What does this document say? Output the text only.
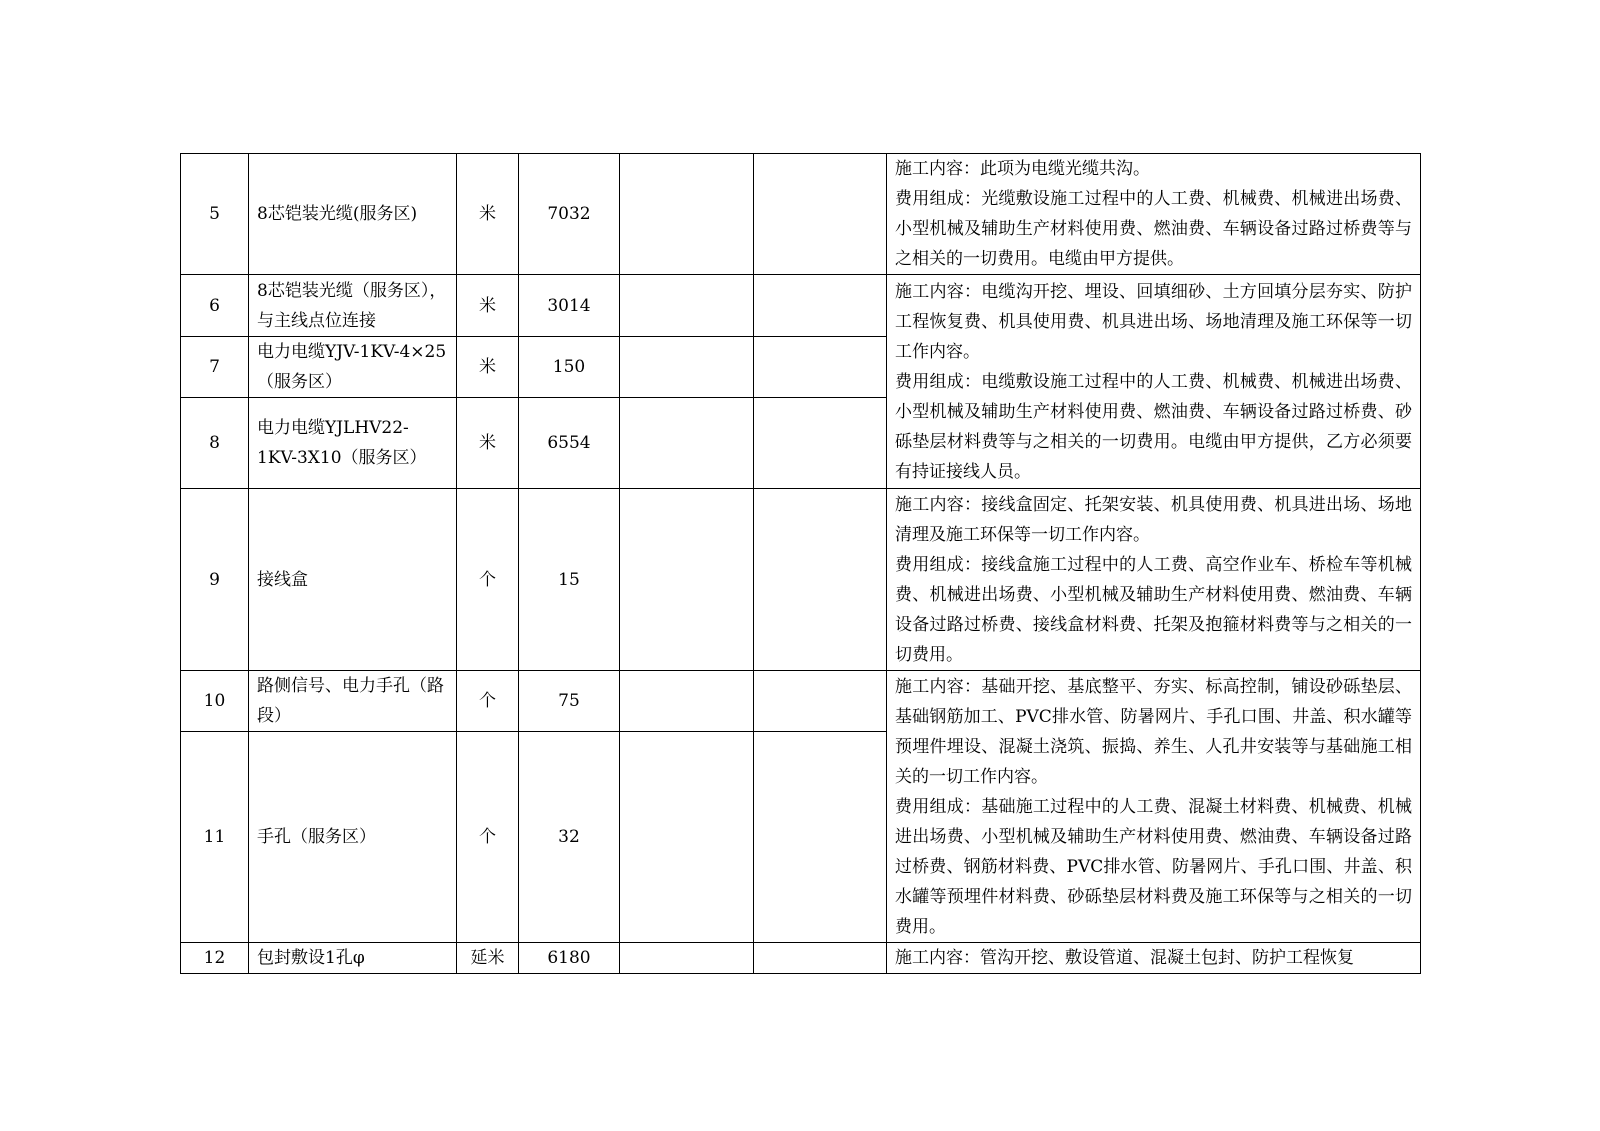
5	8芯铠装光缆(服务区)	米	7032			施工内容：此项为电缆光缆共沟。

费用组成：光缆敷设施工过程中的人工费、机械费、机械进出场费、小型机械及辅助生产材料使用费、燃油费、车辆设备过路过桥费等与之相关的一切费用。电缆由甲方提供。

6	8芯铠装光缆（服务区），与主线点位连接	米	3014			施工内容：电缆沟开挖、埋设、回填细砂、土方回填分层夯实、防护工程恢复费、机具使用费、机具进出场、场地清理及施工环保等一切工作内容。

费用组成：电缆敷设施工过程中的人工费、机械费、机械进出场费、小型机械及辅助生产材料使用费、燃油费、车辆设备过路过桥费、砂砾垫层材料费等与之相关的一切费用。电缆由甲方提供，乙方必须要有持证接线人员。

7	电力电缆YJV-1KV-4×25（服务区）	米	150			
8	电力电缆YJLHV22-1KV-3X10（服务区）	米	6554			
9	接线盒	个	15			施工内容：接线盒固定、托架安装、机具使用费、机具进出场、场地清理及施工环保等一切工作内容。

费用组成：接线盒施工过程中的人工费、高空作业车、桥检车等机械费、机械进出场费、小型机械及辅助生产材料使用费、燃油费、车辆设备过路过桥费、接线盒材料费、托架及抱箍材料费等与之相关的一切费用。

10	路侧信号、电力手孔（路段）	个	75			施工内容：基础开挖、基底整平、夯实、标高控制，铺设砂砾垫层、基础钢筋加工、PVC排水管、防暑网片、手孔口围、井盖、积水罐等预埋件埋设、混凝土浇筑、振捣、养生、人孔井安装等与基础施工相关的一切工作内容。

费用组成：基础施工过程中的人工费、混凝土材料费、机械费、机械进出场费、小型机械及辅助生产材料使用费、燃油费、车辆设备过路过桥费、钢筋材料费、PVC排水管、防暑网片、手孔口围、井盖、积水罐等预埋件材料费、砂砾垫层材料费及施工环保等与之相关的一切费用。

11	手孔（服务区）	个	32			
12	包封敷设1孔φ	延米	6180			施工内容：管沟开挖、敷设管道、混凝土包封、防护工程恢复
